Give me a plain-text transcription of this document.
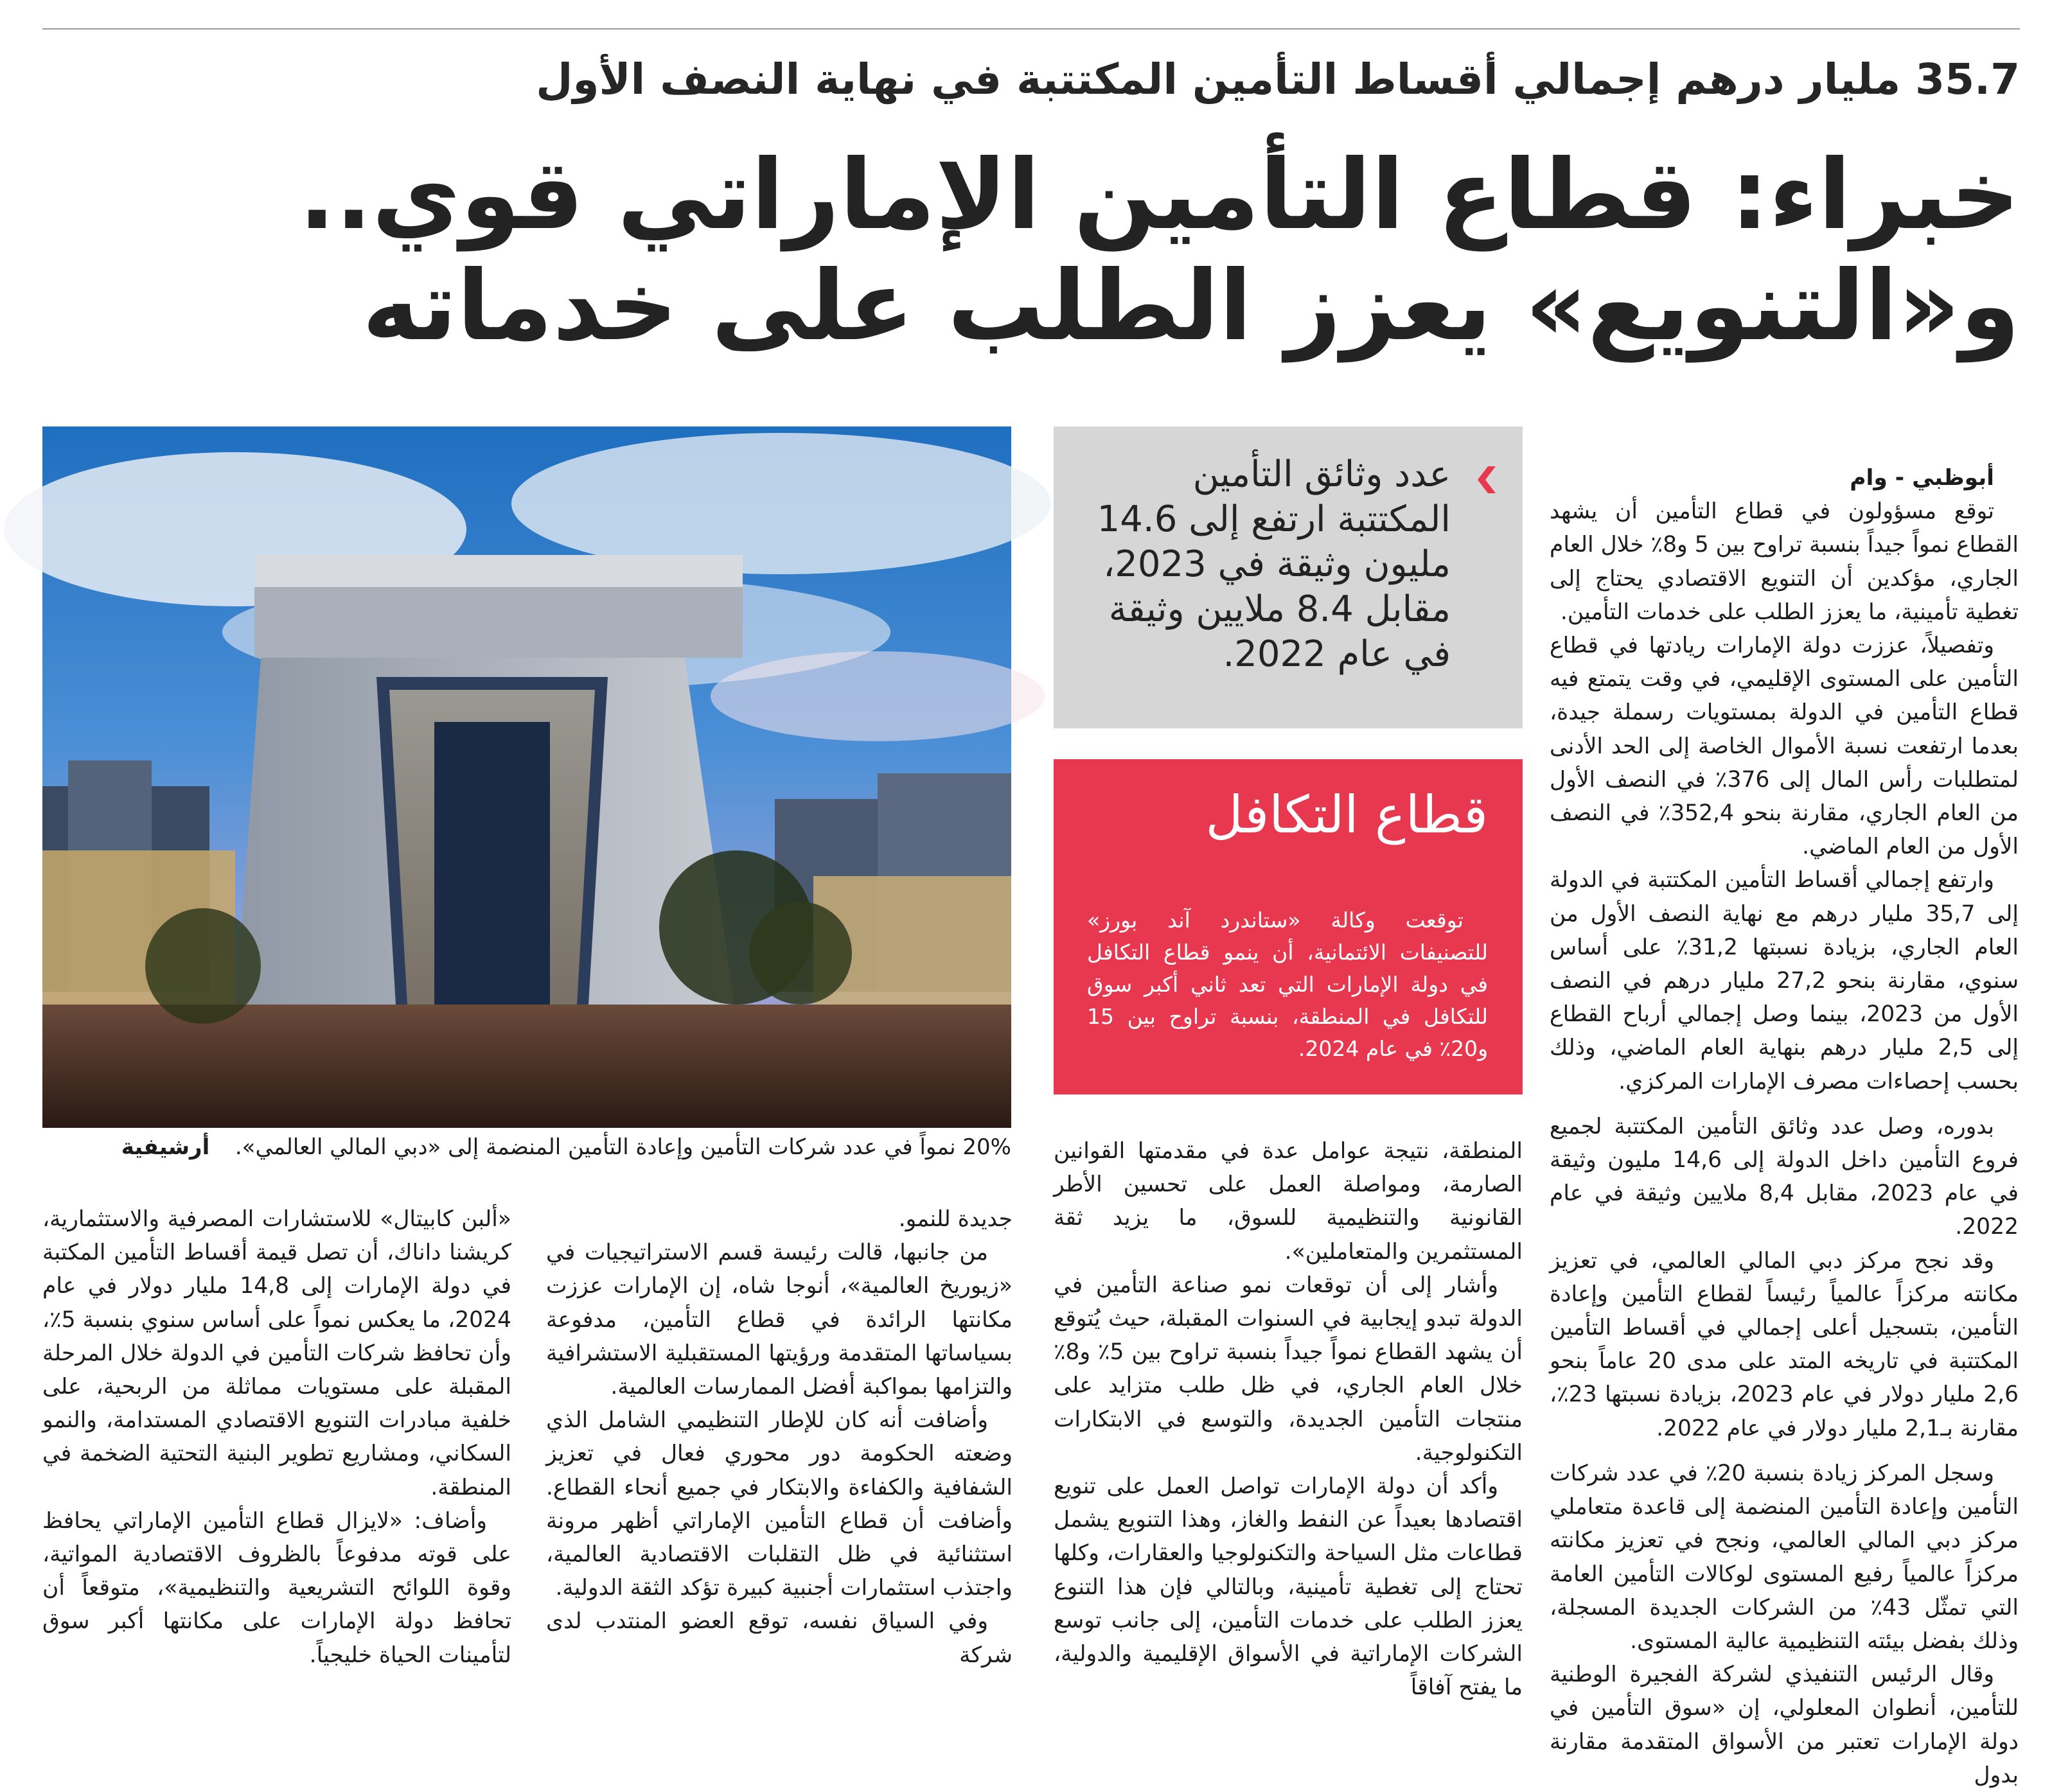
35.7 مليار درهم إجمالي أقساط التأمين المكتتبة في نهاية النصف الأول
خبراء: قطاع التأمين الإماراتي قوي..
و«التنويع» يعزز الطلب على خدماته

أبوظبي - وام

توقع مسؤولون في قطاع التأمين أن يشهد القطاع نمواً جيداً بنسبة تراوح بين 5 و8٪ خلال العام الجاري، مؤكدين أن التنويع الاقتصادي يحتاج إلى تغطية تأمينية، ما يعزز الطلب على خدمات التأمين.

وتفصيلاً، عززت دولة الإمارات ريادتها في قطاع التأمين على المستوى الإقليمي، في وقت يتمتع فيه قطاع التأمين في الدولة بمستويات رسملة جيدة، بعدما ارتفعت نسبة الأموال الخاصة إلى الحد الأدنى لمتطلبات رأس المال إلى 376٪ في النصف الأول من العام الجاري، مقارنة بنحو 352,4٪ في النصف الأول من العام الماضي.

وارتفع إجمالي أقساط التأمين المكتتبة في الدولة إلى 35,7 مليار درهم مع نهاية النصف الأول من العام الجاري، بزيادة نسبتها 31,2٪ على أساس سنوي، مقارنة بنحو 27,2 مليار درهم في النصف الأول من 2023، بينما وصل إجمالي أرباح القطاع إلى 2,5 مليار درهم بنهاية العام الماضي، وذلك بحسب إحصاءات مصرف الإمارات المركزي.

بدوره، وصل عدد وثائق التأمين المكتتبة لجميع فروع التأمين داخل الدولة إلى 14,6 مليون وثيقة في عام 2023، مقابل 8,4 ملايين وثيقة في عام 2022.

وقد نجح مركز دبي المالي العالمي، في تعزيز مكانته مركزاً عالمياً رئيساً لقطاع التأمين وإعادة التأمين، بتسجيل أعلى إجمالي في أقساط التأمين المكتتبة في تاريخه المتد على مدى 20 عاماً بنحو 2,6 مليار دولار في عام 2023، بزيادة نسبتها 23٪، مقارنة بـ2,1 مليار دولار في عام 2022.

وسجل المركز زيادة بنسبة 20٪ في عدد شركات التأمين وإعادة التأمين المنضمة إلى قاعدة متعاملي مركز دبي المالي العالمي، ونجح في تعزيز مكانته مركزاً عالمياً رفيع المستوى لوكالات التأمين العامة التي تمثّل 43٪ من الشركات الجديدة المسجلة، وذلك بفضل بيئته التنظيمية عالية المستوى.

وقال الرئيس التنفيذي لشركة الفجيرة الوطنية للتأمين، أنطوان المعلولي، إن «سوق التأمين في دولة الإمارات تعتبر من الأسواق المتقدمة مقارنة بدول

عدد وثائق التأمين المكتتبة ارتفع إلى 14.6 مليون وثيقة في 2023، مقابل 8.4 ملايين وثيقة في عام 2022.
قطاع التكافل

توقعت وكالة «ستاندرد آند بورز» للتصنيفات الائتمانية، أن ينمو قطاع التكافل في دولة الإمارات التي تعد ثاني أكبر سوق للتكافل في المنطقة، بنسبة تراوح بين 15 و20٪ في عام 2024.

المنطقة، نتيجة عوامل عدة في مقدمتها القوانين الصارمة، ومواصلة العمل على تحسين الأطر القانونية والتنظيمية للسوق، ما يزيد ثقة المستثمرين والمتعاملين».

وأشار إلى أن توقعات نمو صناعة التأمين في الدولة تبدو إيجابية في السنوات المقبلة، حيث يُتوقع أن يشهد القطاع نمواً جيداً بنسبة تراوح بين 5٪ و8٪ خلال العام الجاري، في ظل طلب متزايد على منتجات التأمين الجديدة، والتوسع في الابتكارات التكنولوجية.

وأكد أن دولة الإمارات تواصل العمل على تنويع اقتصادها بعيداً عن النفط والغاز، وهذا التنويع يشمل قطاعات مثل السياحة والتكنولوجيا والعقارات، وكلها تحتاج إلى تغطية تأمينية، وبالتالي فإن هذا التنوع يعزز الطلب على خدمات التأمين، إلى جانب توسع الشركات الإماراتية في الأسواق الإقليمية والدولية، ما يفتح آفاقاً

جديدة للنمو.

من جانبها، قالت رئيسة قسم الاستراتيجيات في «زيوريخ العالمية»، أنوجا شاه، إن الإمارات عززت مكانتها الرائدة في قطاع التأمين، مدفوعة بسياساتها المتقدمة ورؤيتها المستقبلية الاستشرافية والتزامها بمواكبة أفضل الممارسات العالمية.

وأضافت أنه كان للإطار التنظيمي الشامل الذي وضعته الحكومة دور محوري فعال في تعزيز الشفافية والكفاءة والابتكار في جميع أنحاء القطاع. وأضافت أن قطاع التأمين الإماراتي أظهر مرونة استثنائية في ظل التقلبات الاقتصادية العالمية، واجتذب استثمارات أجنبية كبيرة تؤكد الثقة الدولية.

وفي السياق نفسه، توقع العضو المنتدب لدى شركة

«ألبن كابيتال» للاستشارات المصرفية والاستثمارية، كريشنا داناك، أن تصل قيمة أقساط التأمين المكتبة في دولة الإمارات إلى 14,8 مليار دولار في عام 2024، ما يعكس نمواً على أساس سنوي بنسبة 5٪، وأن تحافظ شركات التأمين في الدولة خلال المرحلة المقبلة على مستويات مماثلة من الربحية، على خلفية مبادرات التنويع الاقتصادي المستدامة، والنمو السكاني، ومشاريع تطوير البنية التحتية الضخمة في المنطقة.

وأضاف: «لايزال قطاع التأمين الإماراتي يحافظ على قوته مدفوعاً بالظروف الاقتصادية المواتية، وقوة اللوائح التشريعية والتنظيمية»، متوقعاً أن تحافظ دولة الإمارات على مكانتها أكبر سوق لتأمينات الحياة خليجياً.

20% نمواً في عدد شركات التأمين وإعادة التأمين المنضمة إلى «دبي المالي العالمي».  أرشيفية
